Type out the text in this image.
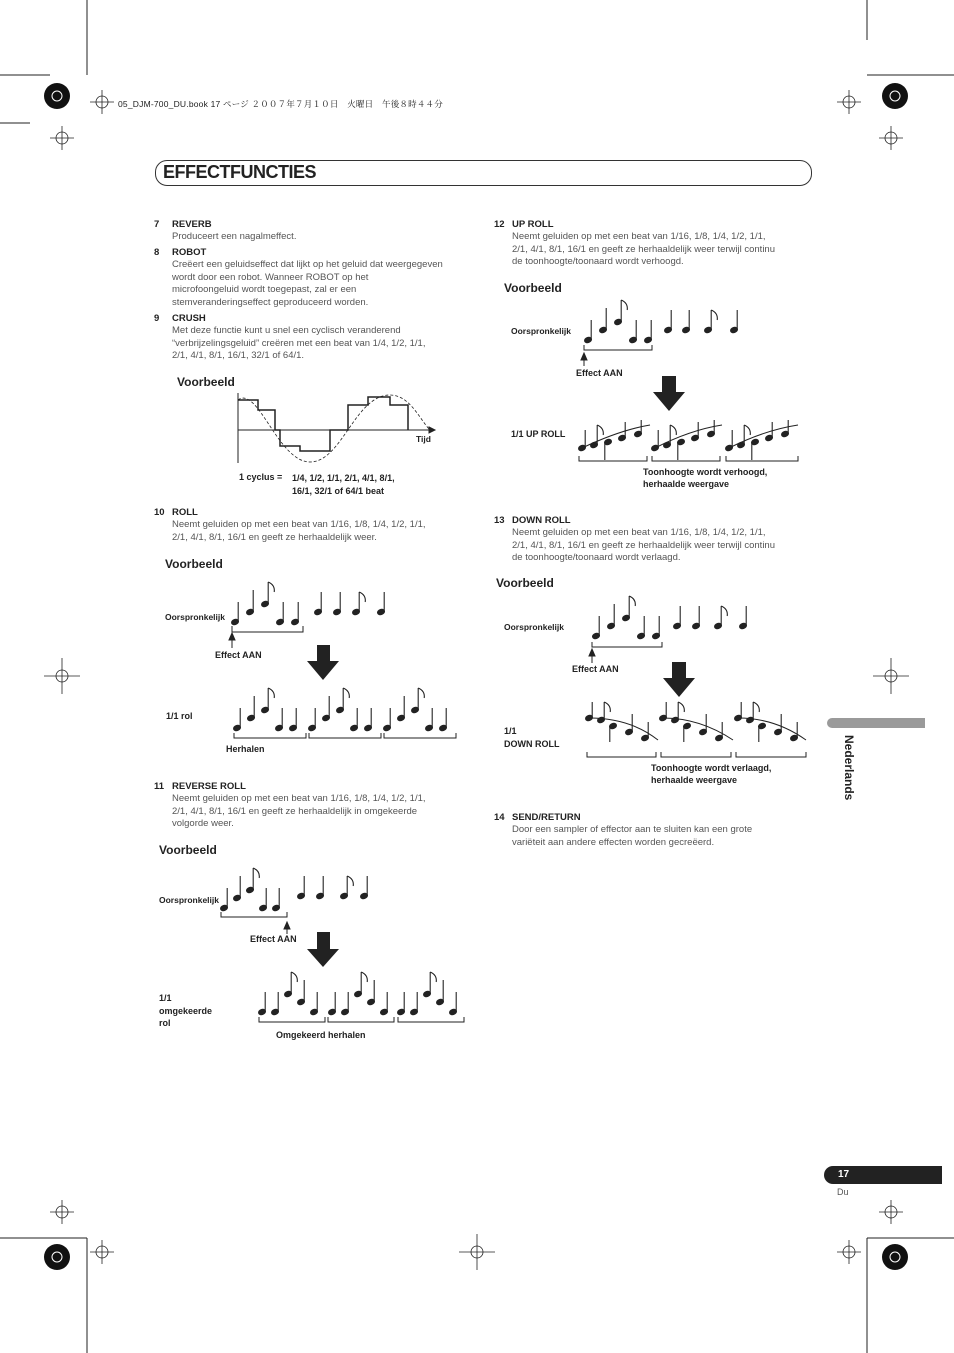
05_DJM-700_DU.book 17 ページ ２００７年７月１０日　火曜日　午後８時４４分
EFFECTFUNCTIES
7 REVERB
Produceert een nagalmeffect.
8 ROBOT
Creëert een geluidseffect dat lijkt op het geluid dat weergegeven
wordt door een robot. Wanneer ROBOT op het
microfoongeluid wordt toegepast, zal er een
stemveranderingseffect geproduceerd worden.
9 CRUSH
Met deze functie kunt u snel een cyclisch veranderend
“verbrijzelingsgeluid” creëren met een beat van 1/4, 1/2, 1/1,
2/1, 4/1, 8/1, 16/1, 32/1 of 64/1.
Voorbeeld
Tijd
1 cyclus = 1/4, 1/2, 1/1, 2/1, 4/1, 8/1,
16/1, 32/1 of 64/1 beat
10 ROLL
Neemt geluiden op met een beat van 1/16, 1/8, 1/4, 1/2, 1/1,
2/1, 4/1, 8/1, 16/1 en geeft ze herhaaldelijk weer.
Voorbeeld
Oorspronkelijk
Effect AAN
1/1 rol
Herhalen
11 REVERSE ROLL
Neemt geluiden op met een beat van 1/16, 1/8, 1/4, 1/2, 1/1,
2/1, 4/1, 8/1, 16/1 en geeft ze herhaaldelijk in omgekeerde
volgorde weer.
Voorbeeld
Oorspronkelijk
Effect AAN
1/1
omgekeerde
rol
Omgekeerd herhalen
12 UP ROLL
Neemt geluiden op met een beat van 1/16, 1/8, 1/4, 1/2, 1/1,
2/1, 4/1, 8/1, 16/1 en geeft ze herhaaldelijk weer terwijl continu
de toonhoogte/toonaard wordt verhoogd.
Voorbeeld
Oorspronkelijk
Effect AAN
1/1 UP ROLL
Toonhoogte wordt verhoogd,
herhaalde weergave
13 DOWN ROLL
Neemt geluiden op met een beat van 1/16, 1/8, 1/4, 1/2, 1/1,
2/1, 4/1, 8/1, 16/1 en geeft ze herhaaldelijk weer terwijl continu
de toonhoogte/toonaard wordt verlaagd.
Voorbeeld
Oorspronkelijk
Effect AAN
1/1
DOWN ROLL
Toonhoogte wordt verlaagd,
herhaalde weergave
14 SEND/RETURN
Door een sampler of effector aan te sluiten kan een grote
variëteit aan andere effecten worden gecreëerd.
Nederlands
17
Du
